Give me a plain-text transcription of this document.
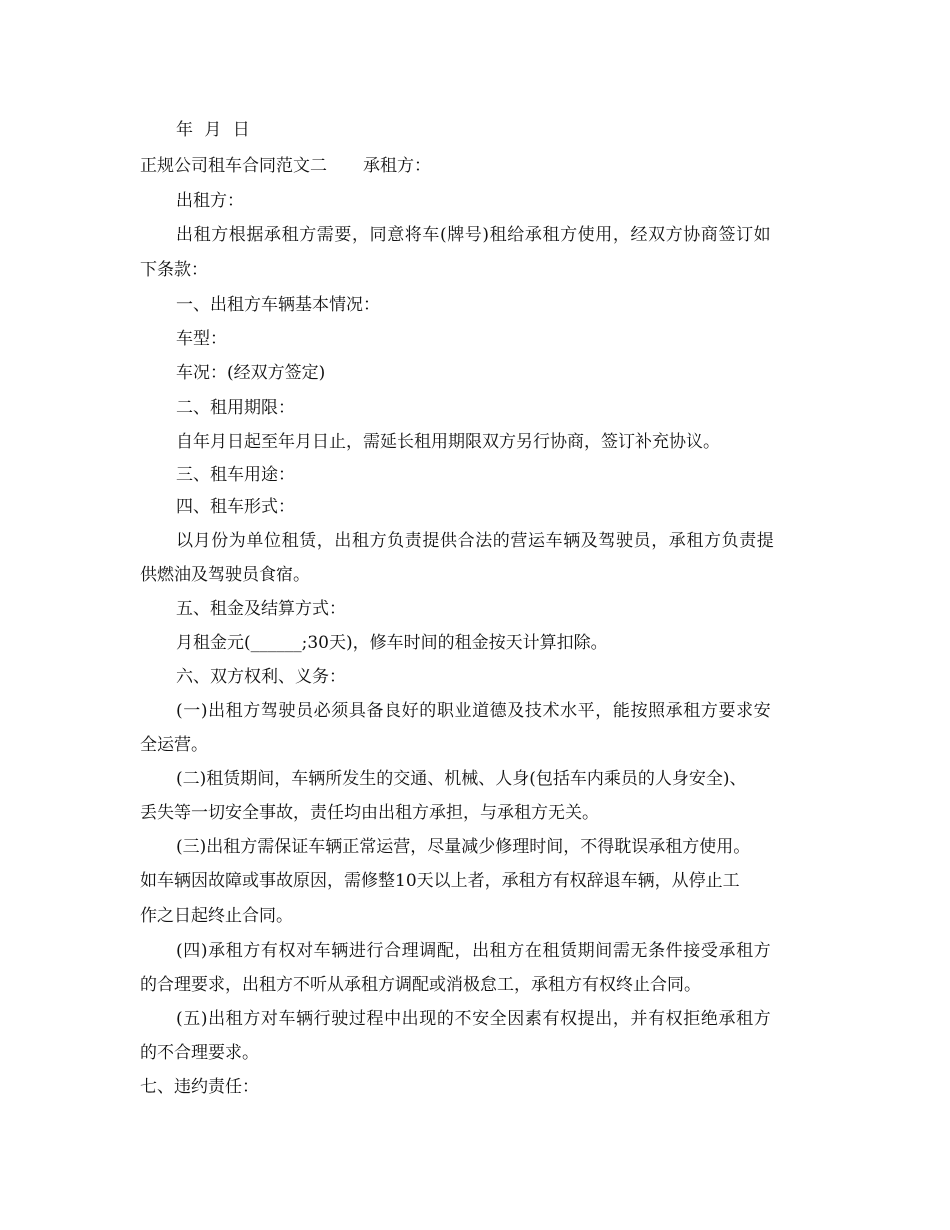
年 月 日
正规公司租车合同范文二 承租方：
出租方：
出租方根据承租方需要，同意将车(牌号)租给承租方使用，经双方协商签订如
下条款：
一、出租方车辆基本情况：
车型：
车况：(经双方签定)
二、租用期限：
自年月日起至年月日止，需延长租用期限双方另行协商，签订补充协议。
三、租车用途：
四、租车形式：
以月份为单位租赁，出租方负责提供合法的营运车辆及驾驶员，承租方负责提
供燃油及驾驶员食宿。
五、租金及结算方式：
月租金元(______;30天)，修车时间的租金按天计算扣除。
六、双方权利、义务：
(一)出租方驾驶员必须具备良好的职业道德及技术水平，能按照承租方要求安
全运营。
(二)租赁期间，车辆所发生的交通、机械、人身(包括车内乘员的人身安全)、
丢失等一切安全事故，责任均由出租方承担，与承租方无关。
(三)出租方需保证车辆正常运营，尽量减少修理时间，不得耽误承租方使用。
如车辆因故障或事故原因，需修整10天以上者，承租方有权辞退车辆，从停止工
作之日起终止合同。
(四)承租方有权对车辆进行合理调配，出租方在租赁期间需无条件接受承租方
的合理要求，出租方不听从承租方调配或消极怠工，承租方有权终止合同。
(五)出租方对车辆行驶过程中出现的不安全因素有权提出，并有权拒绝承租方
的不合理要求。
七、违约责任：
